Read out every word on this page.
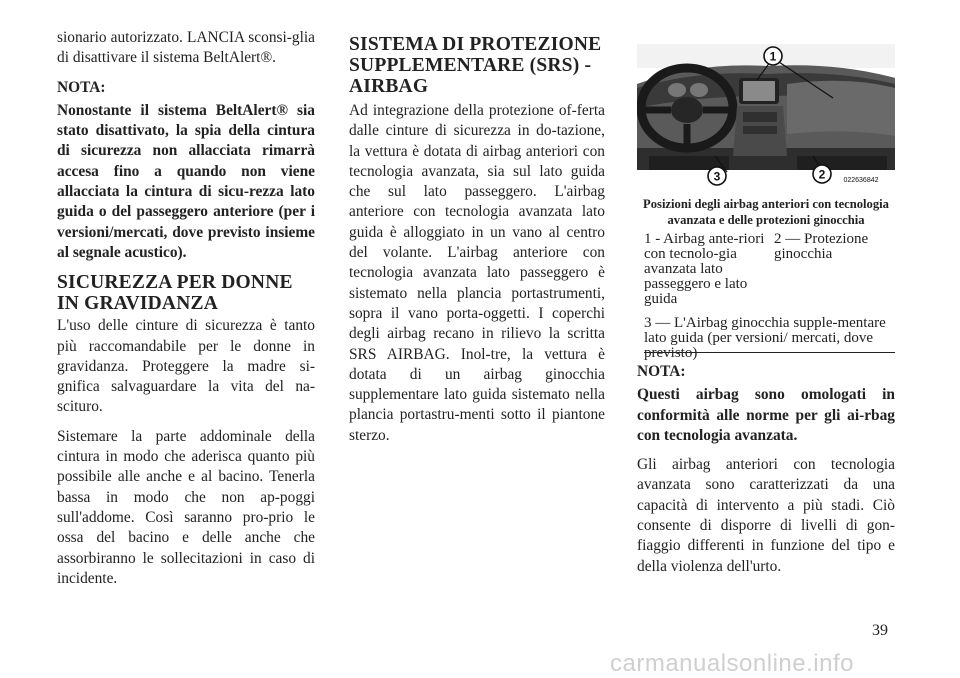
sionario autorizzato. LANCIA sconsi-glia di disattivare il sistema BeltAlert®.

NOTA:

Nonostante il sistema BeltAlert® sia stato disattivato, la spia della cintura di sicurezza non allacciata rimarrà accesa fino a quando non viene allacciata la cintura di sicu-rezza lato guida o del passeggero anteriore (per i versioni/mercati, dove previsto insieme al segnale acustico).

SICUREZZA PER DONNE
IN GRAVIDANZA

L'uso delle cinture di sicurezza è tanto più raccomandabile per le donne in gravidanza. Proteggere la madre si-gnifica salvaguardare la vita del na-scituro.

Sistemare la parte addominale della cintura in modo che aderisca quanto più possibile alle anche e al bacino. Tenerla bassa in modo che non ap-poggi sull'addome. Così saranno pro-prio le ossa del bacino e delle anche che assorbiranno le sollecitazioni in caso di incidente.

SISTEMA DI PROTEZIONE
SUPPLEMENTARE (SRS) -
AIRBAG

Ad integrazione della protezione of-ferta dalle cinture di sicurezza in do-tazione, la vettura è dotata di airbag anteriori con tecnologia avanzata, sia sul lato guida che sul lato passeggero. L'airbag anteriore con tecnologia avanzata lato guida è alloggiato in un vano al centro del volante. L'airbag anteriore con tecnologia avanzata lato passeggero è sistemato nella plancia portastrumenti, sopra il vano porta-oggetti. I coperchi degli airbag recano in rilievo la scritta SRS AIRBAG. Inol-tre, la vettura è dotata di un airbag ginocchia supplementare lato guida sistemato nella plancia portastru-menti sotto il piantone sterzo.

1
2
3	022636842
Posizioni degli airbag anteriori con tecnologia avanzata e delle protezioni ginocchia
1 - Airbag ante-riori con tecnolo-gia avanzata lato passeggero e lato guida
2 — Protezione ginocchia
3 — L'Airbag ginocchia supple-mentare lato guida (per versioni/ mercati, dove previsto)

NOTA:

Questi airbag sono omologati in conformità alle norme per gli ai-rbag con tecnologia avanzata.

Gli airbag anteriori con tecnologia avanzata sono caratterizzati da una capacità di intervento a più stadi. Ciò consente di disporre di livelli di gon-fiaggio differenti in funzione del tipo e della violenza dell'urto.

39
carmanualsonline.info
